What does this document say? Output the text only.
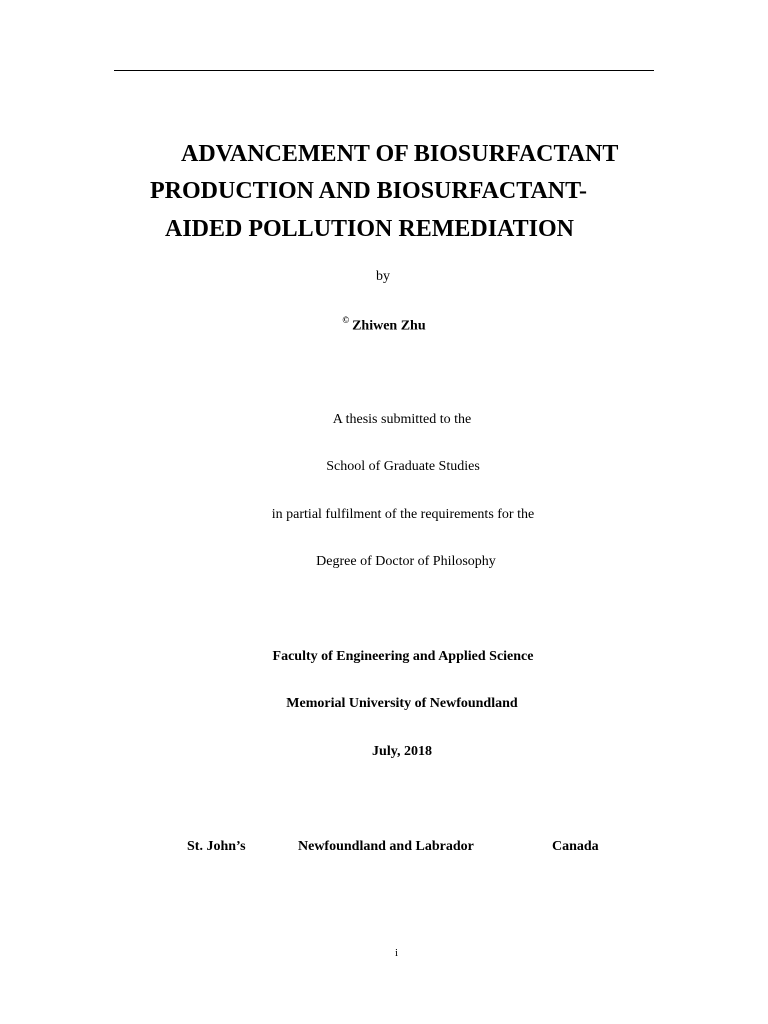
ADVANCEMENT OF BIOSURFACTANT
PRODUCTION AND BIOSURFACTANT-
AIDED POLLUTION REMEDIATION
by
© Zhiwen Zhu
A thesis submitted to the
School of Graduate Studies
in partial fulfilment of the requirements for the
Degree of Doctor of Philosophy
Faculty of Engineering and Applied Science
Memorial University of Newfoundland
July, 2018
St. John’s	Newfoundland and Labrador	Canada
i
